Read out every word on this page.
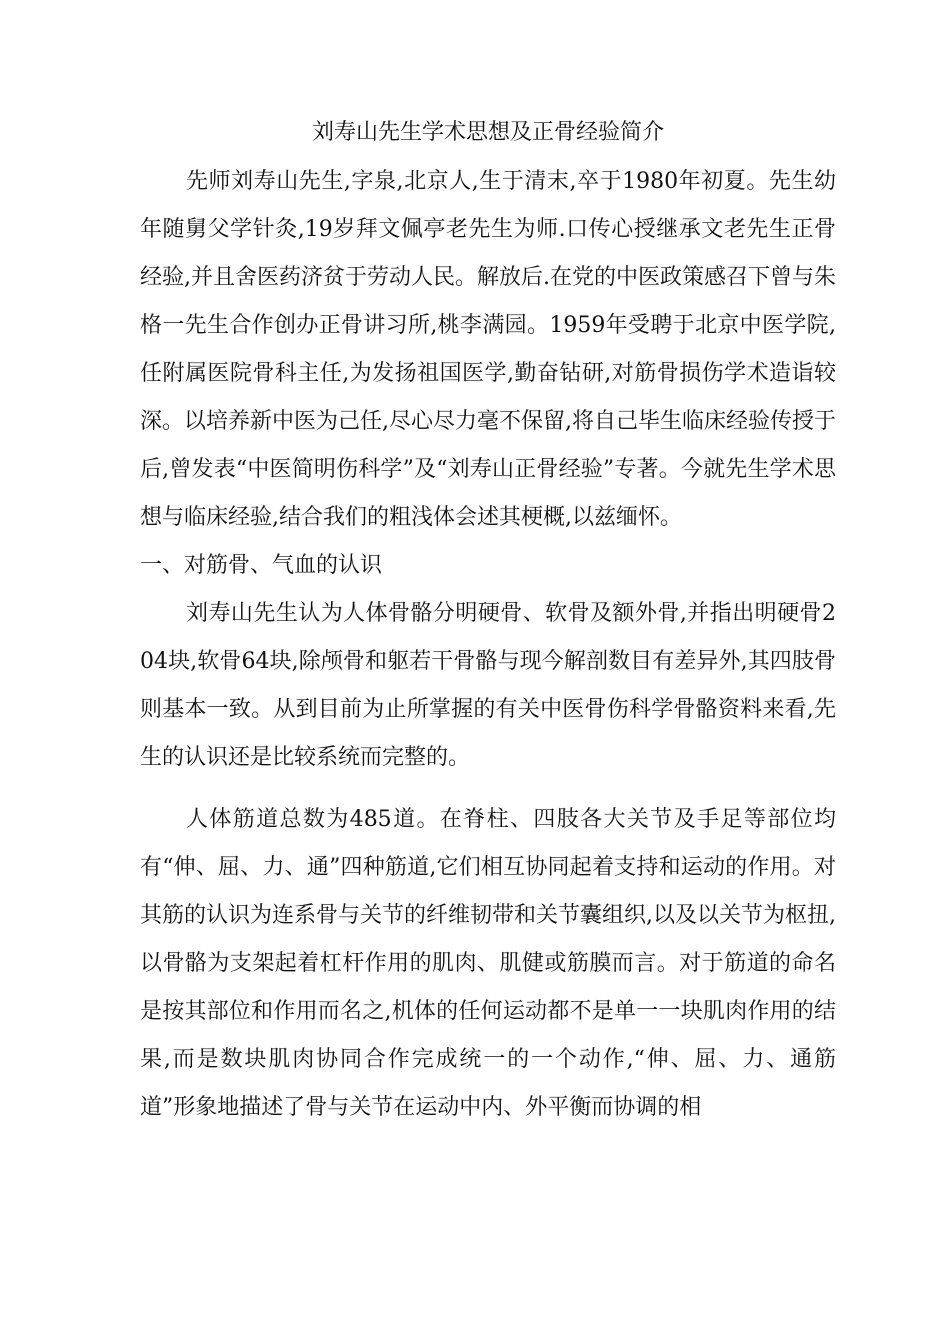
刘寿山先生学术思想及正骨经验简介

先师刘寿山先生,字泉,北京人,生于清末,卒于1980年初夏。先生幼年随舅父学针灸,19岁拜文佩亭老先生为师.口传心授继承文老先生正骨经验,并且舍医药济贫于劳动人民。解放后.在党的中医政策感召下曾与朱格一先生合作创办正骨讲习所,桃李满园。1959年受聘于北京中医学院,任附属医院骨科主任,为发扬祖国医学,勤奋钻研,对筋骨损伤学术造诣较深。以培养新中医为己任,尽心尽力毫不保留,将自己毕生临床经验传授于后,曾发表“中医简明伤科学”及“刘寿山正骨经验”专著。今就先生学术思想与临床经验,结合我们的粗浅体会述其梗概,以兹缅怀。

一、对筋骨、气血的认识

刘寿山先生认为人体骨骼分明硬骨、软骨及额外骨,并指出明硬骨204块,软骨64块,除颅骨和躯若干骨骼与现今解剖数目有差异外,其四肢骨则基本一致。从到目前为止所掌握的有关中医骨伤科学骨骼资料来看,先生的认识还是比较系统而完整的。

人体筋道总数为485道。在脊柱、四肢各大关节及手足等部位均有“伸、屈、力、通”四种筋道,它们相互协同起着支持和运动的作用。对其筋的认识为连系骨与关节的纤维韧带和关节囊组织,以及以关节为枢扭,以骨骼为支架起着杠杆作用的肌肉、肌健或筋膜而言。对于筋道的命名是按其部位和作用而名之,机体的任何运动都不是单一一块肌肉作用的结果,而是数块肌肉协同合作完成统一的一个动作,“伸、屈、力、通筋道”形象地描述了骨与关节在运动中内、外平衡而协调的相
